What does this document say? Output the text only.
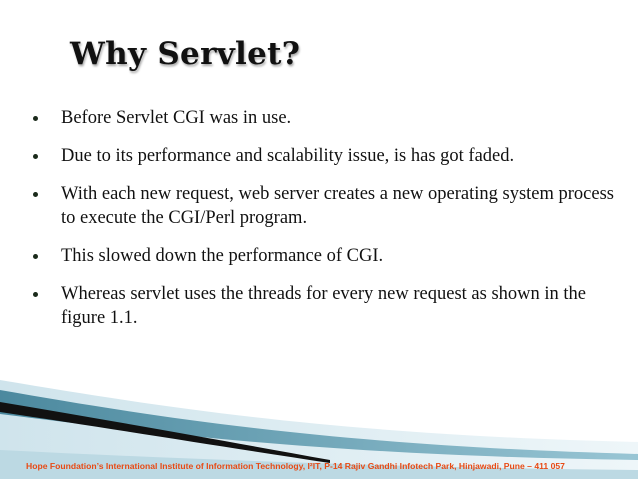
Why Servlet?
Before Servlet CGI was in use.
Due to its performance and scalability issue, is has got faded.
With each new request, web server creates a new operating system process to execute the CGI/Perl program.
This slowed down the performance of CGI.
Whereas servlet uses the threads for every new request as shown in the figure 1.1.
Hope Foundation’s International Institute of Information Technology, I²IT, P-14 Rajiv Gandhi Infotech Park, Hinjawadi, Pune – 411 057
